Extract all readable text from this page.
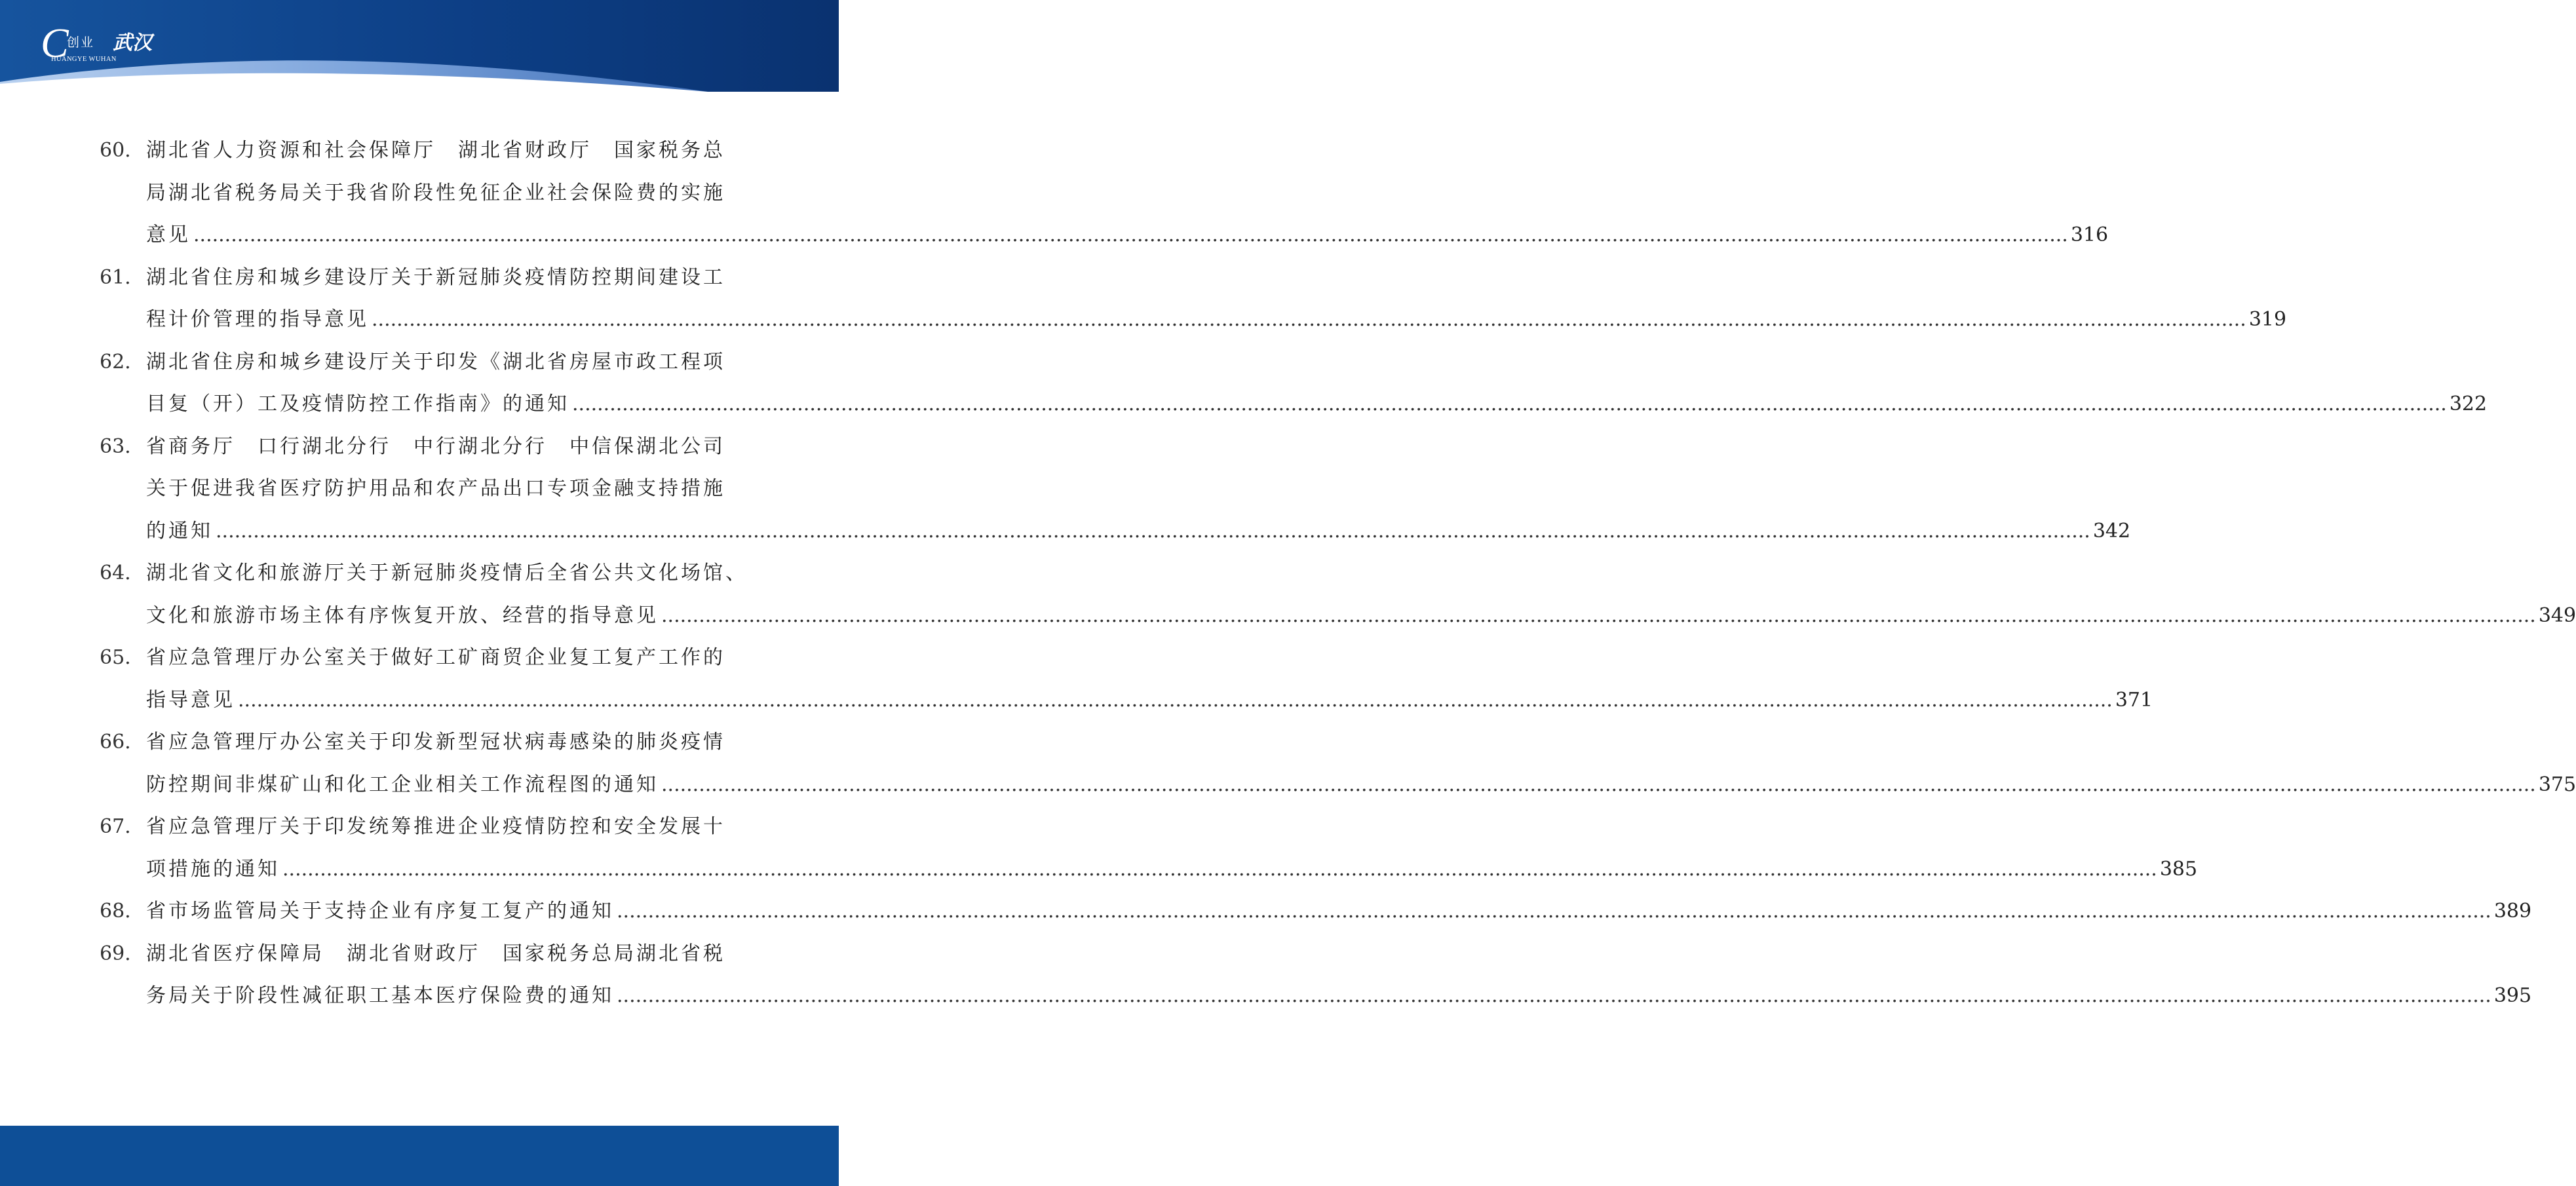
C
创业 武汉
HUANGYE WUHAN
60. 湖北省人力资源和社会保障厅　湖北省财政厅　国家税务总
局湖北省税务局关于我省阶段性免征企业社会保险费的实施
意见 ............................................................................................................................................................................................................................................................................................................ 316
61. 湖北省住房和城乡建设厅关于新冠肺炎疫情防控期间建设工
程计价管理的指导意见 ............................................................................................................................................................................................................................................................................................................ 319
62. 湖北省住房和城乡建设厅关于印发《湖北省房屋市政工程项
目复（开）工及疫情防控工作指南》的通知 ............................................................................................................................................................................................................................................................................................................ 322
63. 省商务厅　口行湖北分行　中行湖北分行　中信保湖北公司
关于促进我省医疗防护用品和农产品出口专项金融支持措施
的通知 ............................................................................................................................................................................................................................................................................................................ 342
64. 湖北省文化和旅游厅关于新冠肺炎疫情后全省公共文化场馆、
文化和旅游市场主体有序恢复开放、经营的指导意见 ............................................................................................................................................................................................................................................................................................................ 349
65. 省应急管理厅办公室关于做好工矿商贸企业复工复产工作的
指导意见 ............................................................................................................................................................................................................................................................................................................ 371
66. 省应急管理厅办公室关于印发新型冠状病毒感染的肺炎疫情
防控期间非煤矿山和化工企业相关工作流程图的通知 ............................................................................................................................................................................................................................................................................................................ 375
67. 省应急管理厅关于印发统筹推进企业疫情防控和安全发展十
项措施的通知 ............................................................................................................................................................................................................................................................................................................ 385
68. 省市场监管局关于支持企业有序复工复产的通知 ............................................................................................................................................................................................................................................................................................................ 389
69. 湖北省医疗保障局　湖北省财政厅　国家税务总局湖北省税
务局关于阶段性减征职工基本医疗保险费的通知 ............................................................................................................................................................................................................................................................................................................ 395
